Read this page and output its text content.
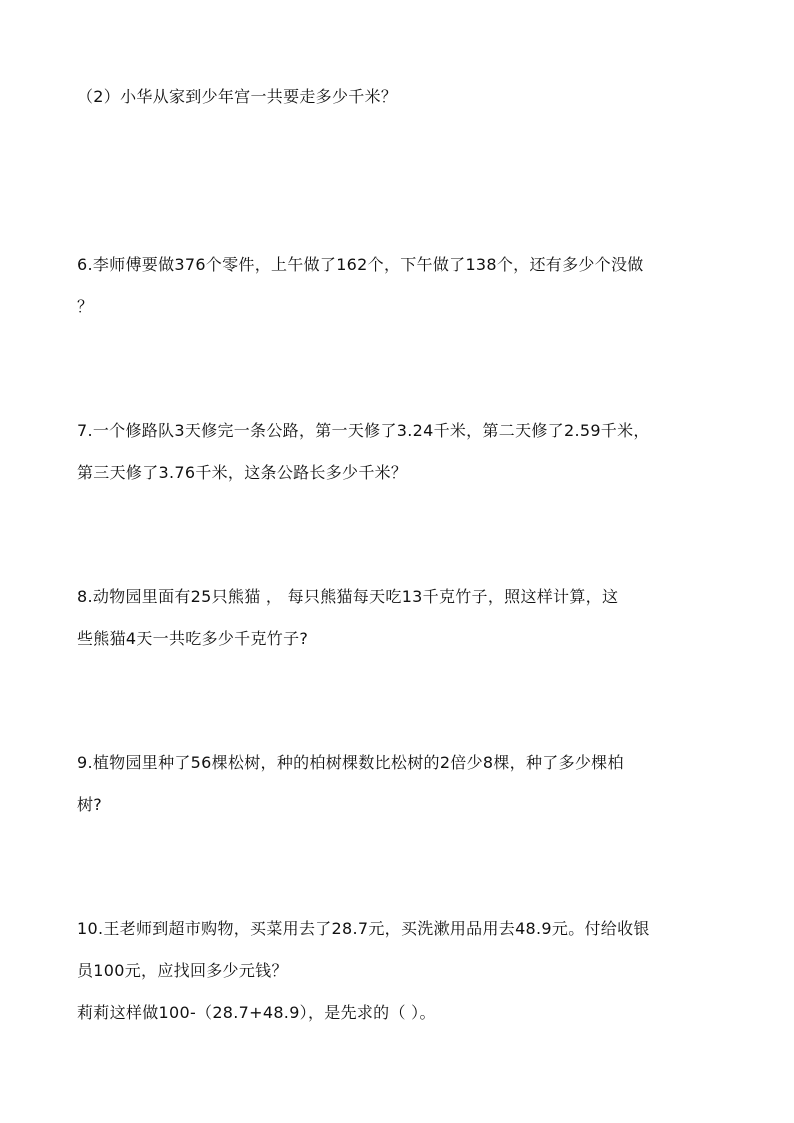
（2）小华从家到少年宫一共要走多少千米？
6.李师傅要做376个零件，上午做了162个，下午做了138个，还有多少个没做
？
7.一个修路队3天修完一条公路，第一天修了3.24千米，第二天修了2.59千米，
第三天修了3.76千米，这条公路长多少千米？
8.动物园里面有25只熊猫 ， 每只熊猫每天吃13千克竹子，照这样计算，这
些熊猫4天一共吃多少千克竹子?
9.植物园里种了56棵松树，种的柏树棵数比松树的2倍少8棵，种了多少棵柏
树?
10.王老师到超市购物，买菜用去了28.7元，买洗漱用品用去48.9元。付给收银
员100元，应找回多少元钱？
莉莉这样做100-（28.7+48.9），是先求的（ ）。
